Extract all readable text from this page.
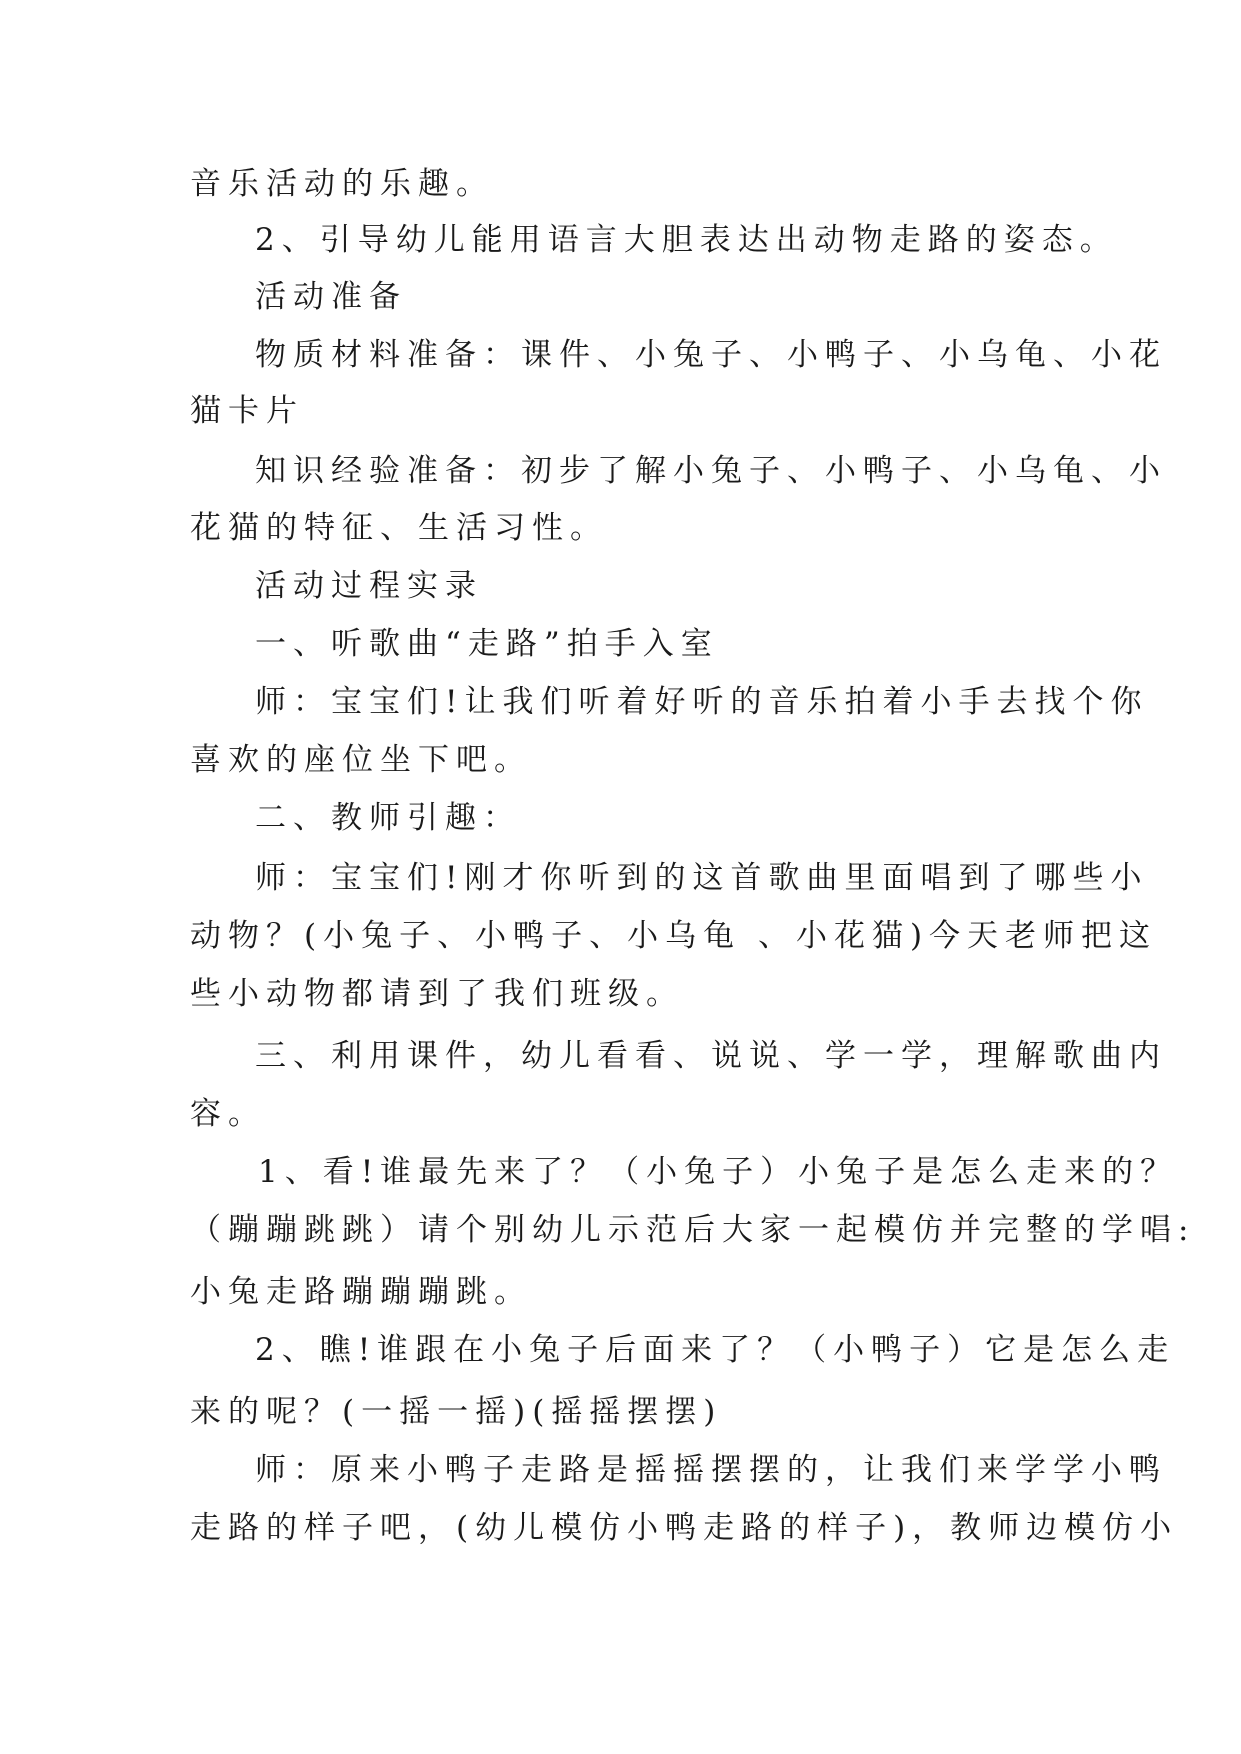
音乐活动的乐趣。
2、引导幼儿能用语言大胆表达出动物走路的姿态。
活动准备
物质材料准备：课件、小兔子、小鸭子、小乌龟、小花
猫卡片
知识经验准备：初步了解小兔子、小鸭子、小乌龟、小
花猫的特征、生活习性。
活动过程实录
一、听歌曲“走路”拍手入室
师：宝宝们!让我们听着好听的音乐拍着小手去找个你
喜欢的座位坐下吧。
二、教师引趣：
师：宝宝们!刚才你听到的这首歌曲里面唱到了哪些小
动物？(小兔子、小鸭子、小乌龟 、小花猫)今天老师把这
些小动物都请到了我们班级。
三、利用课件，幼儿看看、说说、学一学，理解歌曲内
容。
1、看!谁最先来了？（小兔子）小兔子是怎么走来的？
（蹦蹦跳跳）请个别幼儿示范后大家一起模仿并完整的学唱:
小兔走路蹦蹦蹦跳。
2、瞧!谁跟在小兔子后面来了？（小鸭子）它是怎么走
来的呢？(一摇一摇)(摇摇摆摆)
师：原来小鸭子走路是摇摇摆摆的，让我们来学学小鸭
走路的样子吧，(幼儿模仿小鸭走路的样子)，教师边模仿小
